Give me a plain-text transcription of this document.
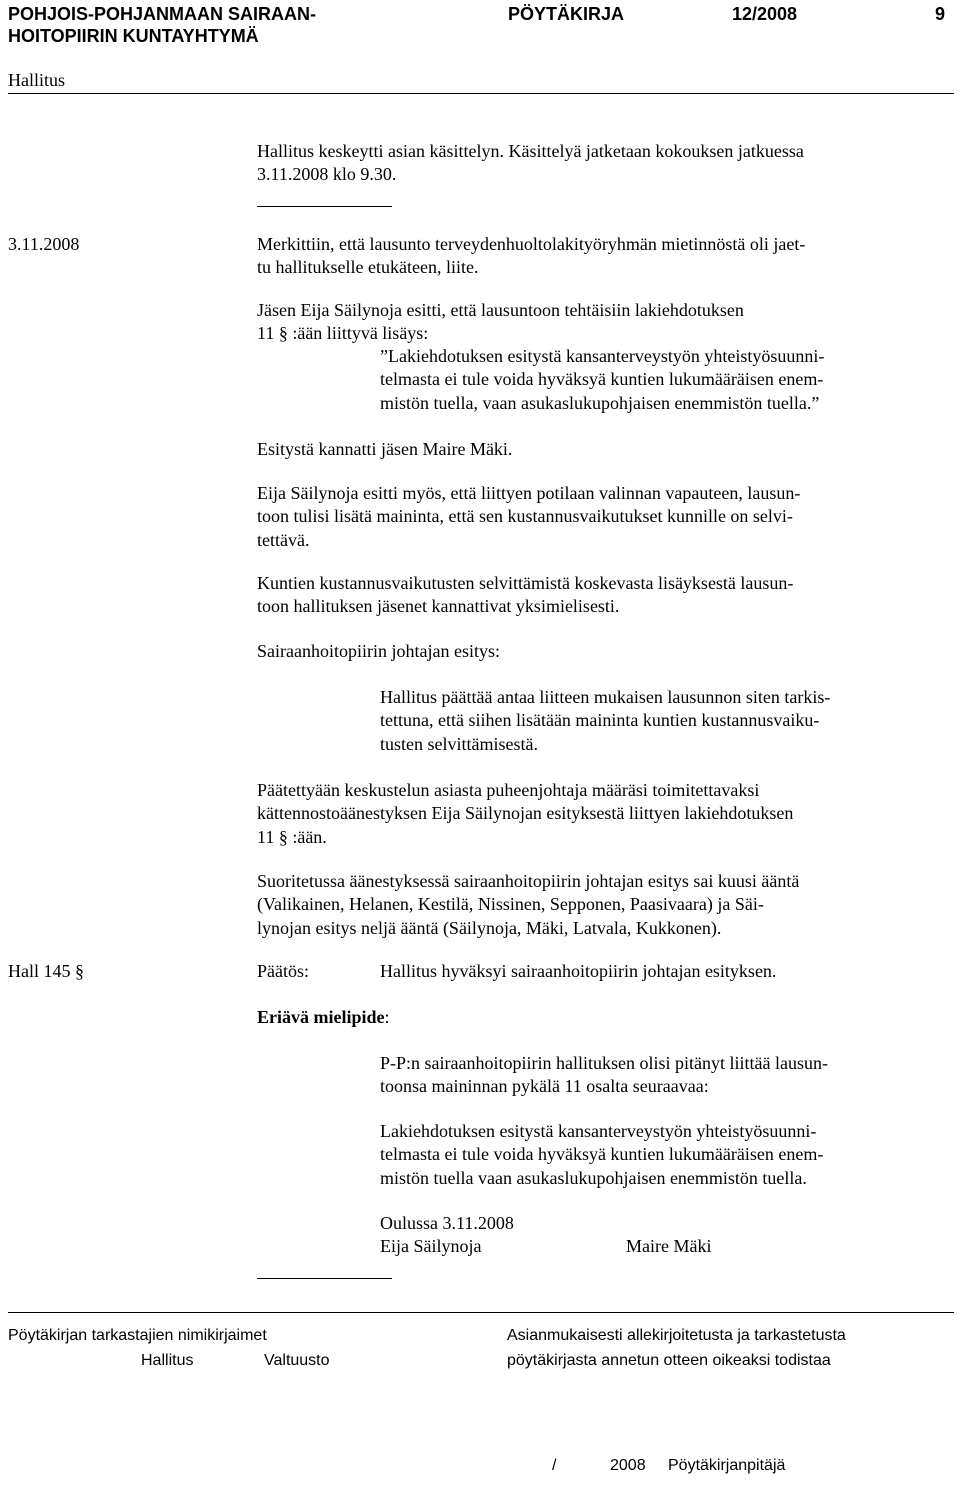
POHJOIS-POHJANMAAN SAIRAAN-
HOITOPIIRIN KUNTAYHTYMÄ
PÖYTÄKIRJA	12/2008	9
Hallitus
Hallitus keskeytti asian käsittelyn. Käsittelyä jatketaan kokouksen jatkuessa
3.11.2008 klo 9.30.
3.11.2008	Merkittiin, että lausunto terveydenhuoltolakityöryhmän mietinnöstä oli jaet-
tu hallitukselle etukäteen, liite.
Jäsen Eija Säilynoja esitti, että lausuntoon tehtäisiin lakiehdotuksen
11 § :ään liittyvä lisäys:
”Lakiehdotuksen esitystä kansanterveystyön yhteistyösuunni-
telmasta ei tule voida hyväksyä kuntien lukumääräisen enem-
mistön tuella, vaan asukaslukupohjaisen enemmistön tuella.”
Esitystä kannatti jäsen Maire Mäki.
Eija Säilynoja esitti myös, että liittyen potilaan valinnan vapauteen, lausun-
toon tulisi lisätä maininta, että sen kustannusvaikutukset kunnille on selvi-
tettävä.
Kuntien kustannusvaikutusten selvittämistä koskevasta lisäyksestä lausun-
toon hallituksen jäsenet kannattivat yksimielisesti.
Sairaanhoitopiirin johtajan esitys:
Hallitus päättää antaa liitteen mukaisen lausunnon siten tarkis-
tettuna, että siihen lisätään maininta kuntien kustannusvaiku-
tusten selvittämisestä.
Päätettyään keskustelun asiasta puheenjohtaja määräsi toimitettavaksi
kättennostoäänestyksen Eija Säilynojan esityksestä liittyen lakiehdotuksen
11 § :ään.
Suoritetussa äänestyksessä sairaanhoitopiirin johtajan esitys sai kuusi ääntä
(Valikainen, Helanen, Kestilä, Nissinen, Sepponen, Paasivaara) ja Säi-
lynojan esitys neljä ääntä (Säilynoja, Mäki, Latvala, Kukkonen).
Hall 145 §	Päätös:	Hallitus hyväksyi sairaanhoitopiirin johtajan esityksen.
Eriävä mielipide:
P-P:n sairaanhoitopiirin hallituksen olisi pitänyt liittää lausun-
toonsa maininnan pykälä 11 osalta seuraavaa:
Lakiehdotuksen esitystä kansanterveystyön yhteistyösuunni-
telmasta ei tule voida hyväksyä kuntien lukumääräisen enem-
mistön tuella vaan asukaslukupohjaisen enemmistön tuella.
Oulussa 3.11.2008
Eija Säilynoja	Maire Mäki
Pöytäkirjan tarkastajien nimikirjaimet
Hallitus	Valtuusto
Asianmukaisesti allekirjoitetusta ja tarkastetusta
pöytäkirjasta annetun otteen oikeaksi todistaa
/	2008 Pöytäkirjanpitäjä
